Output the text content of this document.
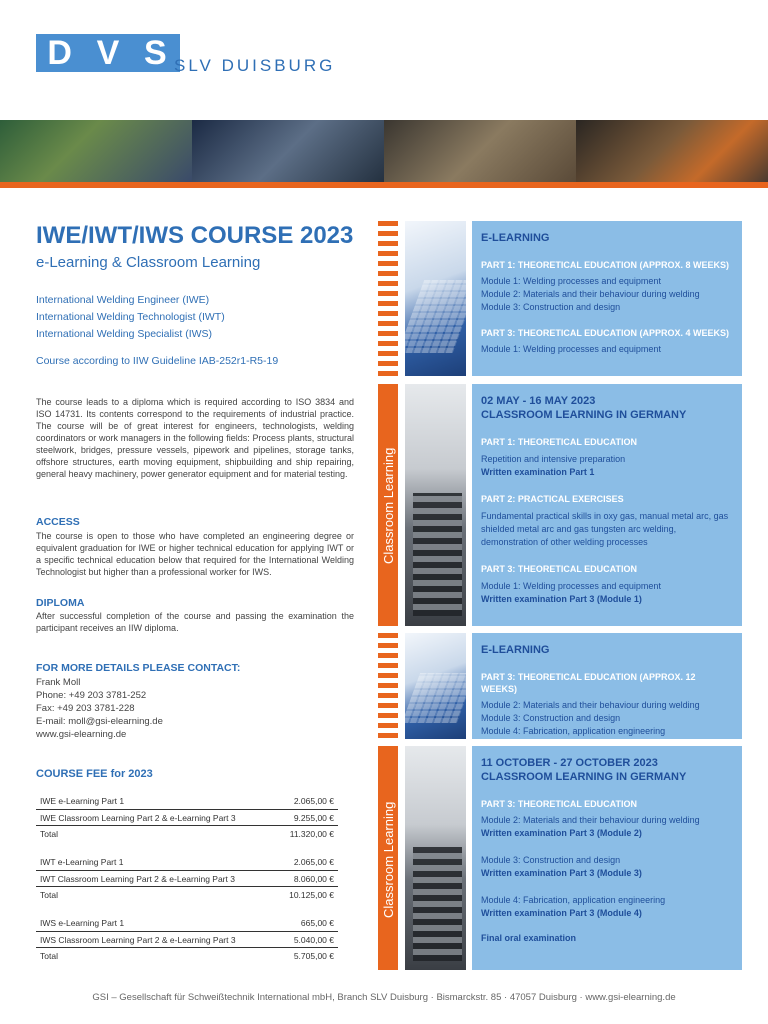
D V S SLV DUISBURG
IWE/IWT/IWS COURSE 2023
e-Learning & Classroom Learning
International Welding Engineer (IWE)
International Welding Technologist (IWT)
International Welding Specialist (IWS)
Course according to IIW Guideline IAB-252r1-R5-19
The course leads to a diploma which is required according to ISO 3834 and ISO 14731. Its contents correspond to the requirements of industrial practice. The course will be of great interest for engineers, technologists, welding coordinators or work managers in the following fields: Process plants, structural steelwork, bridges, pressure vessels, pipework and pipelines, storage tanks, offshore structures, earth moving equipment, shipbuilding and ship repairing, general heavy machinery, power generator equipment and for material testing.
ACCESS
The course is open to those who have completed an engineering degree or equivalent graduation for IWE or higher technical education for applying IWT or a specific technical education below that required for the International Welding Technologist but higher than a professional worker for IWS.
DIPLOMA
After successful completion of the course and passing the examination the participant receives an IIW diploma.
FOR MORE DETAILS PLEASE CONTACT:
Frank Moll
Phone: +49 203 3781-252
Fax: +49 203 3781-228
E-mail: moll@gsi-elearning.de
www.gsi-elearning.de
COURSE FEE for 2023
IWE e-Learning Part 1	2.065,00 €
IWE Classroom Learning Part 2 & e-Learning Part 3	9.255,00 €
Total	11.320,00 €
IWT e-Learning Part 1	2.065,00 €
IWT Classroom Learning Part 2 & e-Learning Part 3	8.060,00 €
Total	10.125,00 €
IWS e-Learning Part 1	665,00 €
IWS Classroom Learning Part 2 & e-Learning Part 3	5.040,00 €
Total	5.705,00 €
Classroom Learning
Classroom Learning
E-LEARNING
PART 1: THEORETICAL EDUCATION (APPROX. 8 WEEKS)
Module 1: Welding processes and equipment
Module 2: Materials and their behaviour during welding
Module 3: Construction and design
PART 3: THEORETICAL EDUCATION (APPROX. 4 WEEKS)
Module 1: Welding processes and equipment
02 MAY - 16 MAY 2023
CLASSROOM LEARNING IN GERMANY
PART 1: THEORETICAL EDUCATION
Repetition and intensive preparation
Written examination Part 1
PART 2: PRACTICAL EXERCISES
Fundamental practical skills in oxy gas, manual metal arc, gas shielded metal arc and gas tungsten arc welding, demonstration of other welding processes
PART 3: THEORETICAL EDUCATION
Module 1: Welding processes and equipment
Written examination Part 3 (Module 1)
E-LEARNING
PART 3: THEORETICAL EDUCATION (APPROX. 12 WEEKS)
Module 2: Materials and their behaviour during welding
Module 3: Construction and design
Module 4: Fabrication, application engineering
11 OCTOBER - 27 OCTOBER 2023
CLASSROOM LEARNING IN GERMANY
PART 3: THEORETICAL EDUCATION
Module 2: Materials and their behaviour during welding
Written examination Part 3 (Module 2)
Module 3: Construction and design
Written examination Part 3 (Module 3)
Module 4: Fabrication, application engineering
Written examination Part 3 (Module 4)
Final oral examination
GSI – Gesellschaft für Schweißtechnik International mbH, Branch SLV Duisburg · Bismarckstr. 85 · 47057 Duisburg · www.gsi-elearning.de
